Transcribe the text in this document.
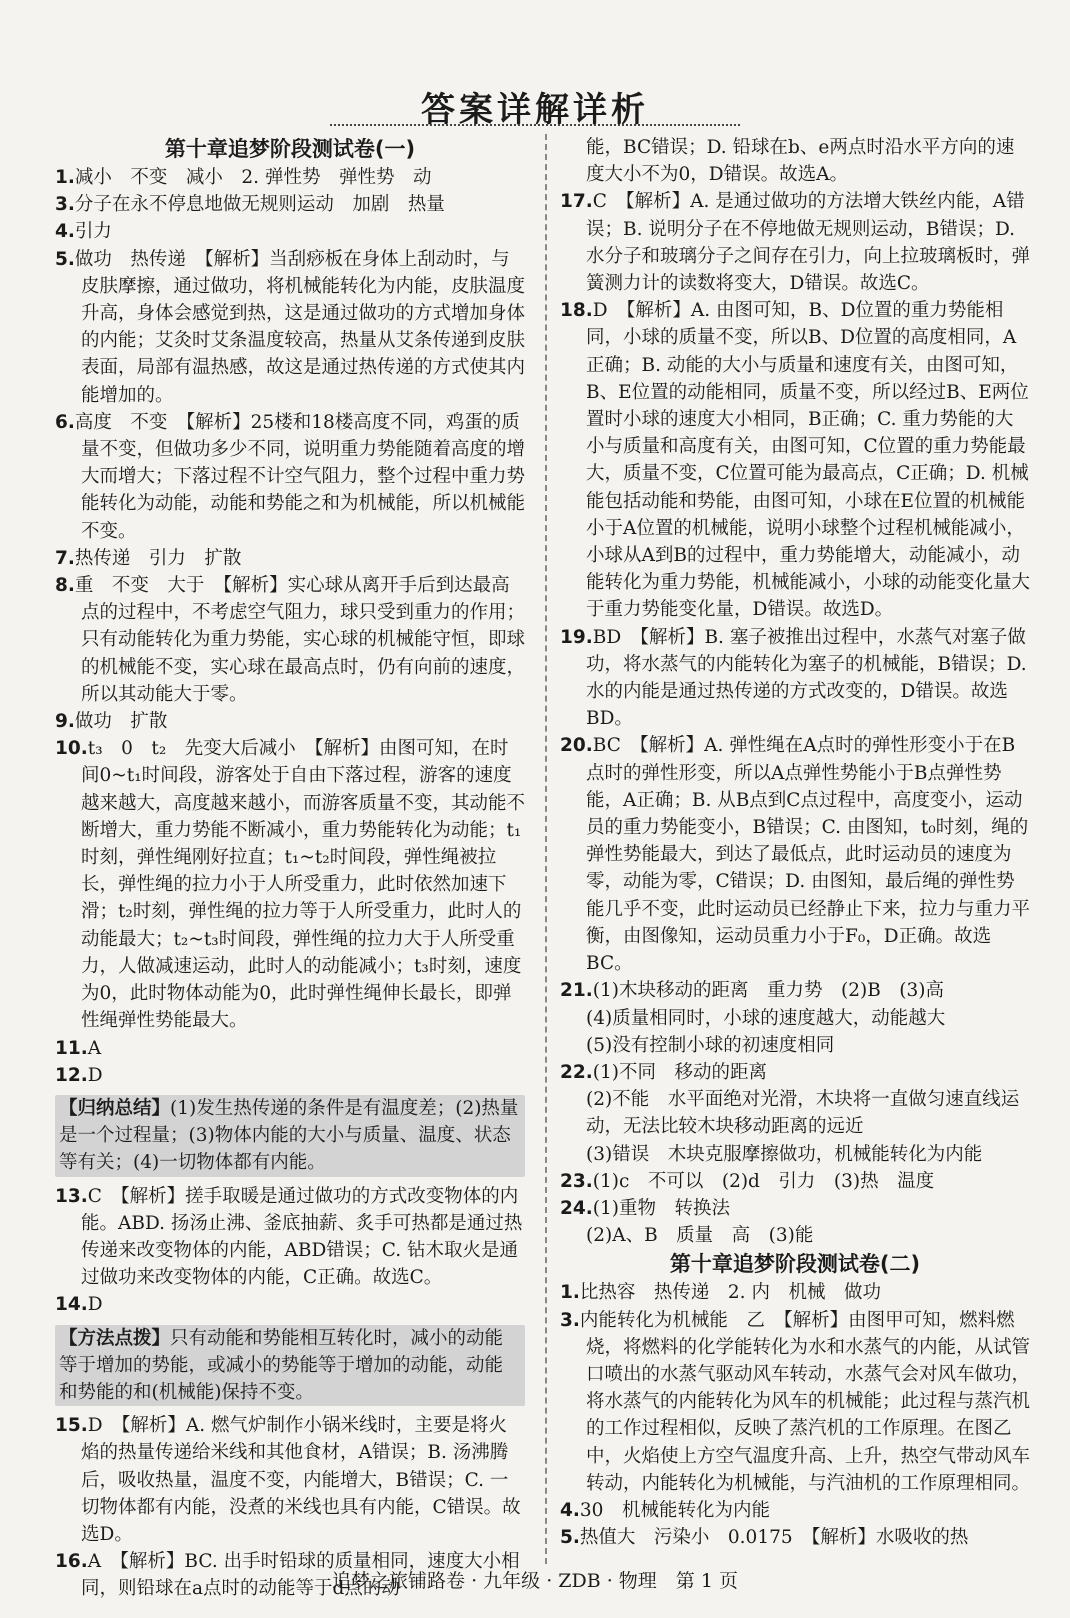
答案详解详析
第十章追梦阶段测试卷(一)

1.减小　不变　减小　2. 弹性势　弹性势　动

3.分子在永不停息地做无规则运动　加剧　热量

4.引力

5.做功　热传递　【解析】当刮痧板在身体上刮动时，与皮肤摩擦，通过做功，将机械能转化为内能，皮肤温度升高，身体会感觉到热，这是通过做功的方式增加身体的内能；艾灸时艾条温度较高，热量从艾条传递到皮肤表面，局部有温热感，故这是通过热传递的方式使其内能增加的。

6.高度　不变　【解析】25楼和18楼高度不同，鸡蛋的质量不变，但做功多少不同，说明重力势能随着高度的增大而增大；下落过程不计空气阻力，整个过程中重力势能转化为动能，动能和势能之和为机械能，所以机械能不变。

7.热传递　引力　扩散

8.重　不变　大于　【解析】实心球从离开手后到达最高点的过程中，不考虑空气阻力，球只受到重力的作用；只有动能转化为重力势能，实心球的机械能守恒，即球的机械能不变，实心球在最高点时，仍有向前的速度，所以其动能大于零。

9.做功　扩散

10.t₃　0　t₂　先变大后减小　【解析】由图可知，在时间0~t₁时间段，游客处于自由下落过程，游客的速度越来越大，高度越来越小，而游客质量不变，其动能不断增大，重力势能不断减小，重力势能转化为动能；t₁时刻，弹性绳刚好拉直；t₁~t₂时间段，弹性绳被拉长，弹性绳的拉力小于人所受重力，此时依然加速下滑；t₂时刻，弹性绳的拉力等于人所受重力，此时人的动能最大；t₂~t₃时间段，弹性绳的拉力大于人所受重力，人做减速运动，此时人的动能减小；t₃时刻，速度为0，此时物体动能为0，此时弹性绳伸长最长，即弹性绳弹性势能最大。

11.A

12.D

【归纳总结】(1)发生热传递的条件是有温度差；(2)热量是一个过程量；(3)物体内能的大小与质量、温度、状态等有关；(4)一切物体都有内能。

13.C　【解析】搓手取暖是通过做功的方式改变物体的内能。ABD. 扬汤止沸、釜底抽薪、炙手可热都是通过热传递来改变物体的内能，ABD错误；C. 钻木取火是通过做功来改变物体的内能，C正确。故选C。

14.D

【方法点拨】只有动能和势能相互转化时，减小的动能等于增加的势能，或减小的势能等于增加的动能，动能和势能的和(机械能)保持不变。

15.D　【解析】A. 燃气炉制作小锅米线时，主要是将火焰的热量传递给米线和其他食材，A错误；B. 汤沸腾后，吸收热量，温度不变，内能增大，B错误；C. 一切物体都有内能，没煮的米线也具有内能，C错误。故选D。

16.A　【解析】BC. 出手时铅球的质量相同，速度大小相同，则铅球在a点时的动能等于d点的动

能，BC错误；D. 铅球在b、e两点时沿水平方向的速度大小不为0，D错误。故选A。

17.C　【解析】A. 是通过做功的方法增大铁丝内能，A错误；B. 说明分子在不停地做无规则运动，B错误；D. 水分子和玻璃分子之间存在引力，向上拉玻璃板时，弹簧测力计的读数将变大，D错误。故选C。

18.D　【解析】A. 由图可知，B、D位置的重力势能相同，小球的质量不变，所以B、D位置的高度相同，A正确；B. 动能的大小与质量和速度有关，由图可知，B、E位置的动能相同，质量不变，所以经过B、E两位置时小球的速度大小相同，B正确；C. 重力势能的大小与质量和高度有关，由图可知，C位置的重力势能最大，质量不变，C位置可能为最高点，C正确；D. 机械能包括动能和势能，由图可知，小球在E位置的机械能小于A位置的机械能，说明小球整个过程机械能减小，小球从A到B的过程中，重力势能增大，动能减小，动能转化为重力势能，机械能减小，小球的动能变化量大于重力势能变化量，D错误。故选D。

19.BD　【解析】B. 塞子被推出过程中，水蒸气对塞子做功，将水蒸气的内能转化为塞子的机械能，B错误；D. 水的内能是通过热传递的方式改变的，D错误。故选BD。

20.BC　【解析】A. 弹性绳在A点时的弹性形变小于在B点时的弹性形变，所以A点弹性势能小于B点弹性势能，A正确；B. 从B点到C点过程中，高度变小，运动员的重力势能变小，B错误；C. 由图知，t₀时刻，绳的弹性势能最大，到达了最低点，此时运动员的速度为零，动能为零，C错误；D. 由图知，最后绳的弹性势能几乎不变，此时运动员已经静止下来，拉力与重力平衡，由图像知，运动员重力小于F₀，D正确。故选BC。

21.(1)木块移动的距离　重力势　(2)B　(3)高

(4)质量相同时，小球的速度越大，动能越大

(5)没有控制小球的初速度相同

22.(1)不同　移动的距离

(2)不能　水平面绝对光滑，木块将一直做匀速直线运动，无法比较木块移动距离的远近

(3)错误　木块克服摩擦做功，机械能转化为内能

23.(1)c　不可以　(2)d　引力　(3)热　温度

24.(1)重物　转换法

(2)A、B　质量　高　(3)能

第十章追梦阶段测试卷(二)

1.比热容　热传递　2. 内　机械　做功

3.内能转化为机械能　乙　【解析】由图甲可知，燃料燃烧，将燃料的化学能转化为水和水蒸气的内能，从试管口喷出的水蒸气驱动风车转动，水蒸气会对风车做功，将水蒸气的内能转化为风车的机械能；此过程与蒸汽机的工作过程相似，反映了蒸汽机的工作原理。在图乙中，火焰使上方空气温度升高、上升，热空气带动风车转动，内能转化为机械能，与汽油机的工作原理相同。

4.30　机械能转化为内能

5.热值大　污染小　0.0175　【解析】水吸收的热

追梦之旅铺路卷 · 九年级 · ZDB · 物理　第 1 页
